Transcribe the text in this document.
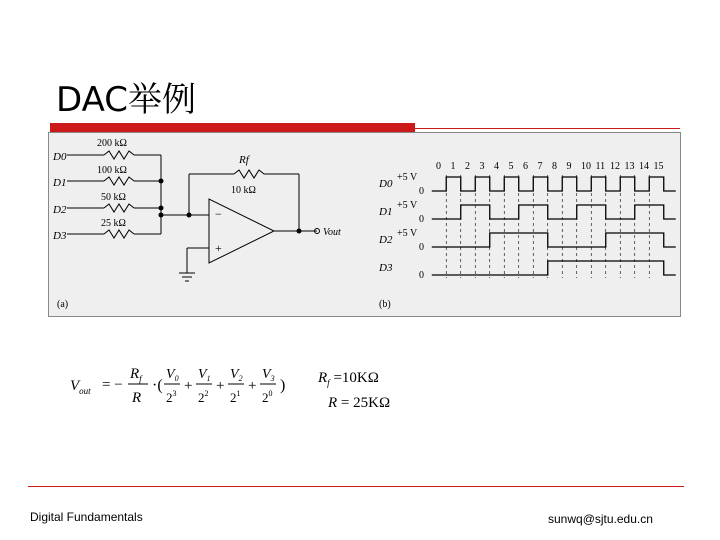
DAC举例
D0
D1
D2
D3
200 kΩ
100 kΩ
50 kΩ
25 kΩ
Rf
10 kΩ
−
+
Vout
(a)
0 1 2 3 4 5 6 7 8 9 10 11 12 13 14 15
D0
+5 V
0
D1
+5 V
0
D2
+5 V
0
D3
0
(b)
$V_{out}$ = −
$R_f$
R
·(
$V_0$
$2^3$ +
$V_1$
$2^2$ +
$V_2$
$2^1$ +
$V_3$
$2^0$ ) $R_f =10K\Omega$
R = 25KΩ
Digital Fundamentals	sunwq@sjtu.edu.cn
